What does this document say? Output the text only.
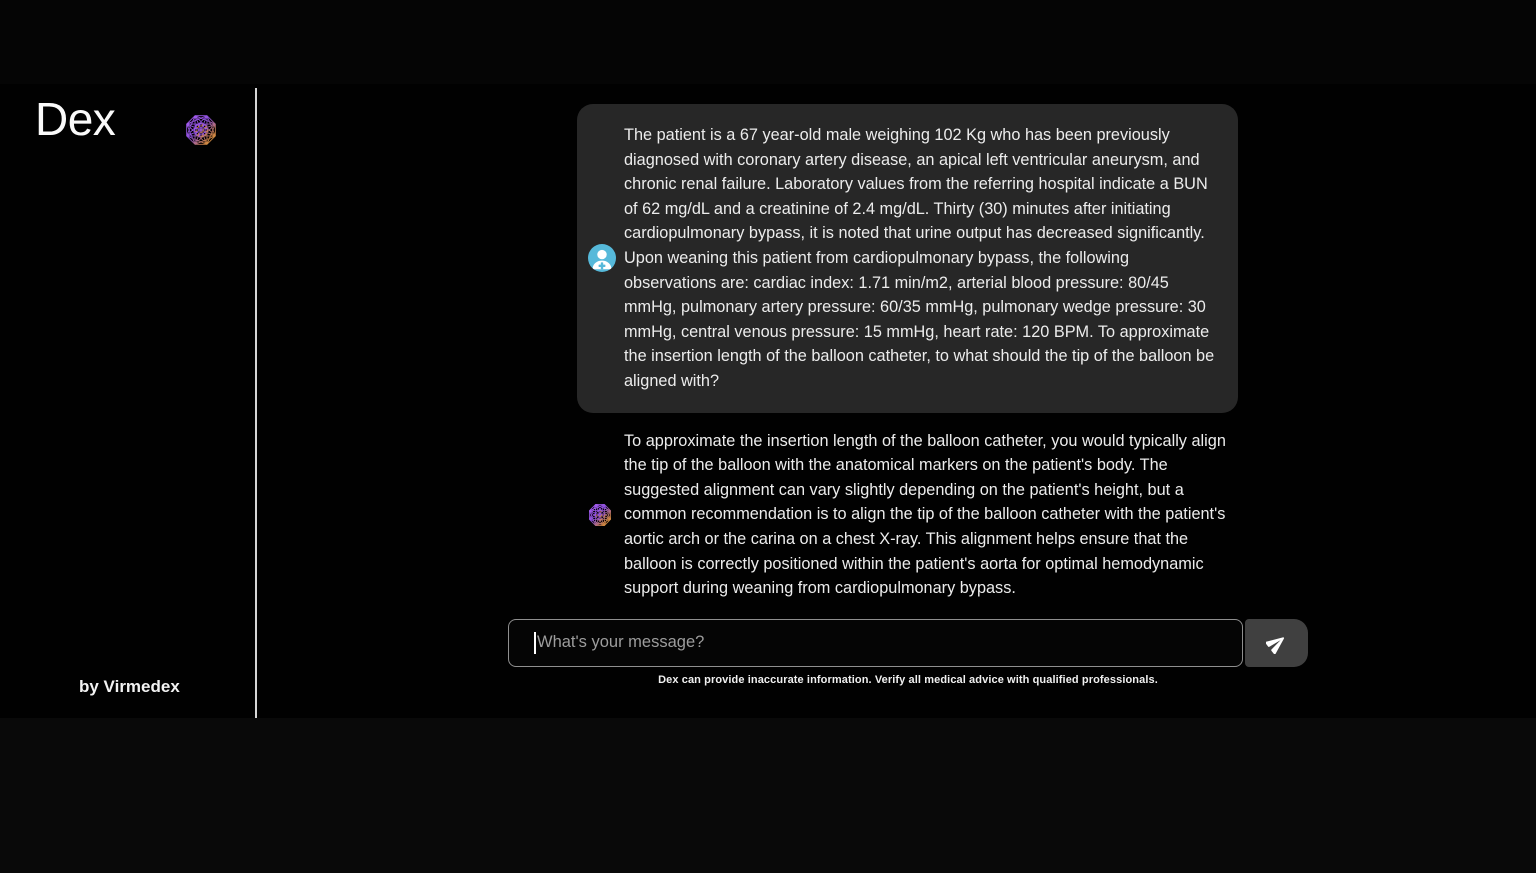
Dex
by Virmedex
The patient is a 67 year-old male weighing 102 Kg who has been previously diagnosed with coronary artery disease, an apical left ventricular aneurysm, and chronic renal failure. Laboratory values from the referring hospital indicate a BUN of 62 mg/dL and a creatinine of 2.4 mg/dL. Thirty (30) minutes after initiating cardiopulmonary bypass, it is noted that urine output has decreased significantly. Upon weaning this patient from cardiopulmonary bypass, the following observations are: cardiac index: 1.71 min/m2, arterial blood pressure: 80/45 mmHg, pulmonary artery pressure: 60/35 mmHg, pulmonary wedge pressure: 30 mmHg, central venous pressure: 15 mmHg, heart rate: 120 BPM. To approximate the insertion length of the balloon catheter, to what should the tip of the balloon be aligned with?
To approximate the insertion length of the balloon catheter, you would typically align the tip of the balloon with the anatomical markers on the patient's body. The suggested alignment can vary slightly depending on the patient's height, but a common recommendation is to align the tip of the balloon catheter with the patient's aortic arch or the carina on a chest X-ray. This alignment helps ensure that the balloon is correctly positioned within the patient's aorta for optimal hemodynamic support during weaning from cardiopulmonary bypass.
What's your message?
Dex can provide inaccurate information. Verify all medical advice with qualified professionals.
